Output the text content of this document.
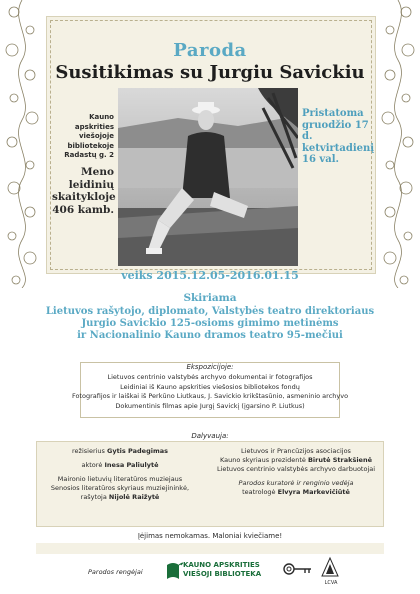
Paroda
Susitikimas su Jurgiu Savickiu
Kauno
apskrities
viešojoje
bibliotekoje
Radastų g. 2
Meno
leidinių
skaitykloje
406 kamb.
Pristatoma
gruodžio 17 d.
ketvirtadienį
16 val.
veiks 2015.12.05-2016.01.15
Skiriama
Lietuvos rašytojo, diplomato, Valstybės teatro direktoriaus
Jurgio Savickio 125-osioms gimimo metinėms
ir Nacionalinio Kauno dramos teatro 95-mečiui
Ekspozicijoje:
Lietuvos centrinio valstybės archyvo dokumentai ir fotografijos
Leidiniai iš Kauno apskrities viešosios bibliotekos fondų
Fotografijos ir laiškai iš Perkūno Liutkaus, J. Savickio krikštasūnio, asmeninio archyvo
Dokumentinis filmas apie Jurgį Savickį (įgarsino P. Liutkus)
Dalyvauja:
režisierius Gytis Padegimas
aktorė Inesa Paliulytė
Maironio lietuvių literatūros muziejaus
Senosios literatūros skyriaus muziejininkė,
rašytoja Nijolė Raižytė
Lietuvos ir Prancūzijos asociacijos
Kauno skyriaus prezidentė Birutė Strakšienė
Lietuvos centrinio valstybės archyvo darbuotojai
Parodos kuratorė ir renginio vedėja
teatrologė Elvyra Markevičiūtė
Įėjimas nemokamas. Maloniai kviečiame!
Parodos rengėjai
KAUNO APSKRITIES
VIEŠOJI BIBLIOTEKA
LCVA
